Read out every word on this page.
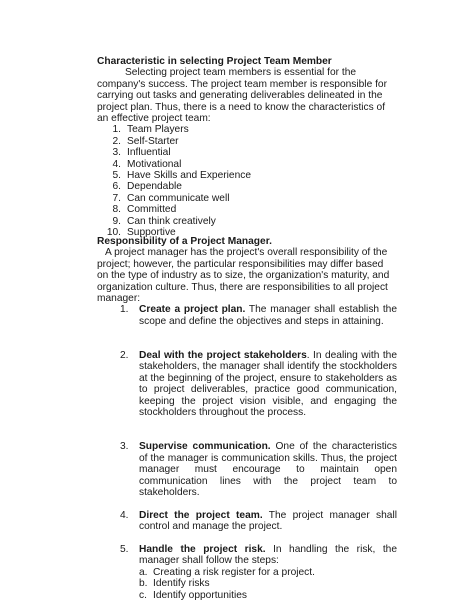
Characteristic in selecting Project Team Member

Selecting project team members is essential for the company's success. The project team member is responsible for carrying out tasks and generating deliverables delineated in the project plan. Thus, there is a need to know the characteristics of an effective project team:

1. Team Players
2. Self-Starter
3. Influential
4. Motivational
5. Have Skills and Experience
6. Dependable
7. Can communicate well
8. Committed
9. Can think creatively
10. Supportive

Responsibility of a Project Manager.

A project manager has the project's overall responsibility of the project; however, the particular responsibilities may differ based on the type of industry as to size, the organization's maturity, and organization culture. Thus, there are responsibilities to all project manager:

1. Create a project plan. The manager shall establish the scope and define the objectives and steps in attaining.
2. Deal with the project stakeholders. In dealing with the stakeholders, the manager shall identify the stockholders at the beginning of the project, ensure to stakeholders as to project deliverables, practice good communication, keeping the project vision visible, and engaging the stockholders throughout the process.
3. Supervise communication. One of the characteristics of the manager is communication skills. Thus, the project manager must encourage to maintain open communication lines with the project team to stakeholders.
4. Direct the project team. The project manager shall control and manage the project.
5. Handle the project risk. In handling the risk, the manager shall follow the steps:
a. Creating a risk register for a project.
b. Identify risks
c. Identify opportunities
